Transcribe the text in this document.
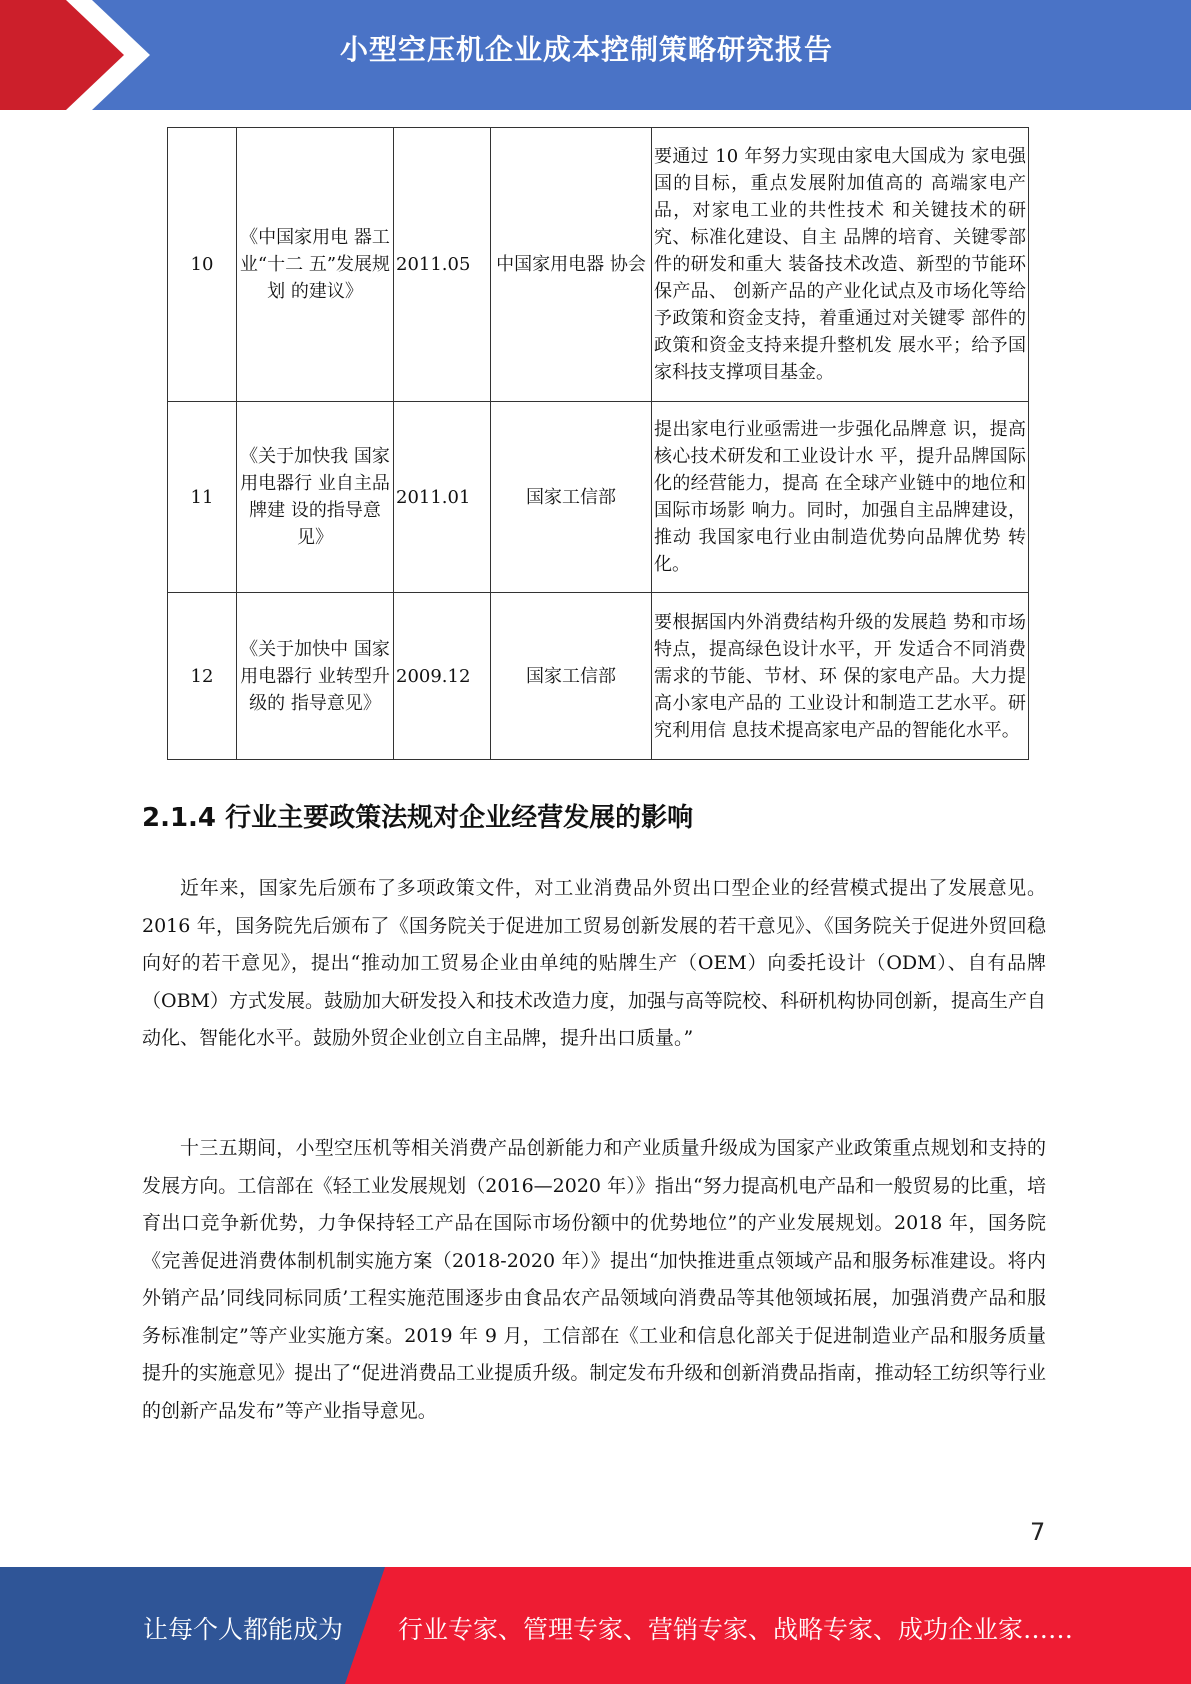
小型空压机企业成本控制策略研究报告
10	《中国家用电 器工业“十二 五”发展规划 的建议》	2011.05	中国家用电器 协会	要通过 10 年努力实现由家电大国成为 家电强国的目标，重点发展附加值高的 高端家电产品，对家电工业的共性技术 和关键技术的研究、标准化建设、自主 品牌的培育、关键零部件的研发和重大 装备技术改造、新型的节能环保产品、 创新产品的产业化试点及市场化等给 予政策和资金支持，着重通过对关键零 部件的政策和资金支持来提升整机发 展水平；给予国家科技支撑项目基金。
11	《关于加快我 国家用电器行 业自主品牌建 设的指导意 见》	2011.01	国家工信部	提出家电行业亟需进一步强化品牌意 识，提高核心技术研发和工业设计水 平，提升品牌国际化的经营能力，提高 在全球产业链中的地位和国际市场影 响力。同时，加强自主品牌建设，推动 我国家电行业由制造优势向品牌优势 转化。
12	《关于加快中 国家用电器行 业转型升级的 指导意见》	2009.12	国家工信部	要根据国内外消费结构升级的发展趋 势和市场特点，提高绿色设计水平，开 发适合不同消费需求的节能、节材、环 保的家电产品。大力提高小家电产品的 工业设计和制造工艺水平。研究利用信 息技术提高家电产品的智能化水平。
2.1.4 行业主要政策法规对企业经营发展的影响

近年来，国家先后颁布了多项政策文件，对工业消费品外贸出口型企业的经营模式提出了发展意见。2016 年，国务院先后颁布了《国务院关于促进加工贸易创新发展的若干意见》、《国务院关于促进外贸回稳向好的若干意见》，提出“推动加工贸易企业由单纯的贴牌生产（OEM）向委托设计（ODM）、自有品牌（OBM）方式发展。鼓励加大研发投入和技术改造力度，加强与高等院校、科研机构协同创新，提高生产自动化、智能化水平。鼓励外贸企业创立自主品牌，提升出口质量。”

十三五期间，小型空压机等相关消费产品创新能力和产业质量升级成为国家产业政策重点规划和支持的发展方向。工信部在《轻工业发展规划（2016—2020 年）》指出“努力提高机电产品和一般贸易的比重，培育出口竞争新优势，力争保持轻工产品在国际市场份额中的优势地位”的产业发展规划。2018 年，国务院《完善促进消费体制机制实施方案（2018-2020 年）》提出“加快推进重点领域产品和服务标准建设。将内外销产品’同线同标同质’工程实施范围逐步由食品农产品领域向消费品等其他领域拓展，加强消费产品和服务标准制定”等产业实施方案。2019 年 9 月，工信部在《工业和信息化部关于促进制造业产品和服务质量提升的实施意见》提出了“促进消费品工业提质升级。制定发布升级和创新消费品指南，推动轻工纺织等行业的创新产品发布”等产业指导意见。

7
让每个人都能成为 行业专家、管理专家、营销专家、战略专家、成功企业家……
